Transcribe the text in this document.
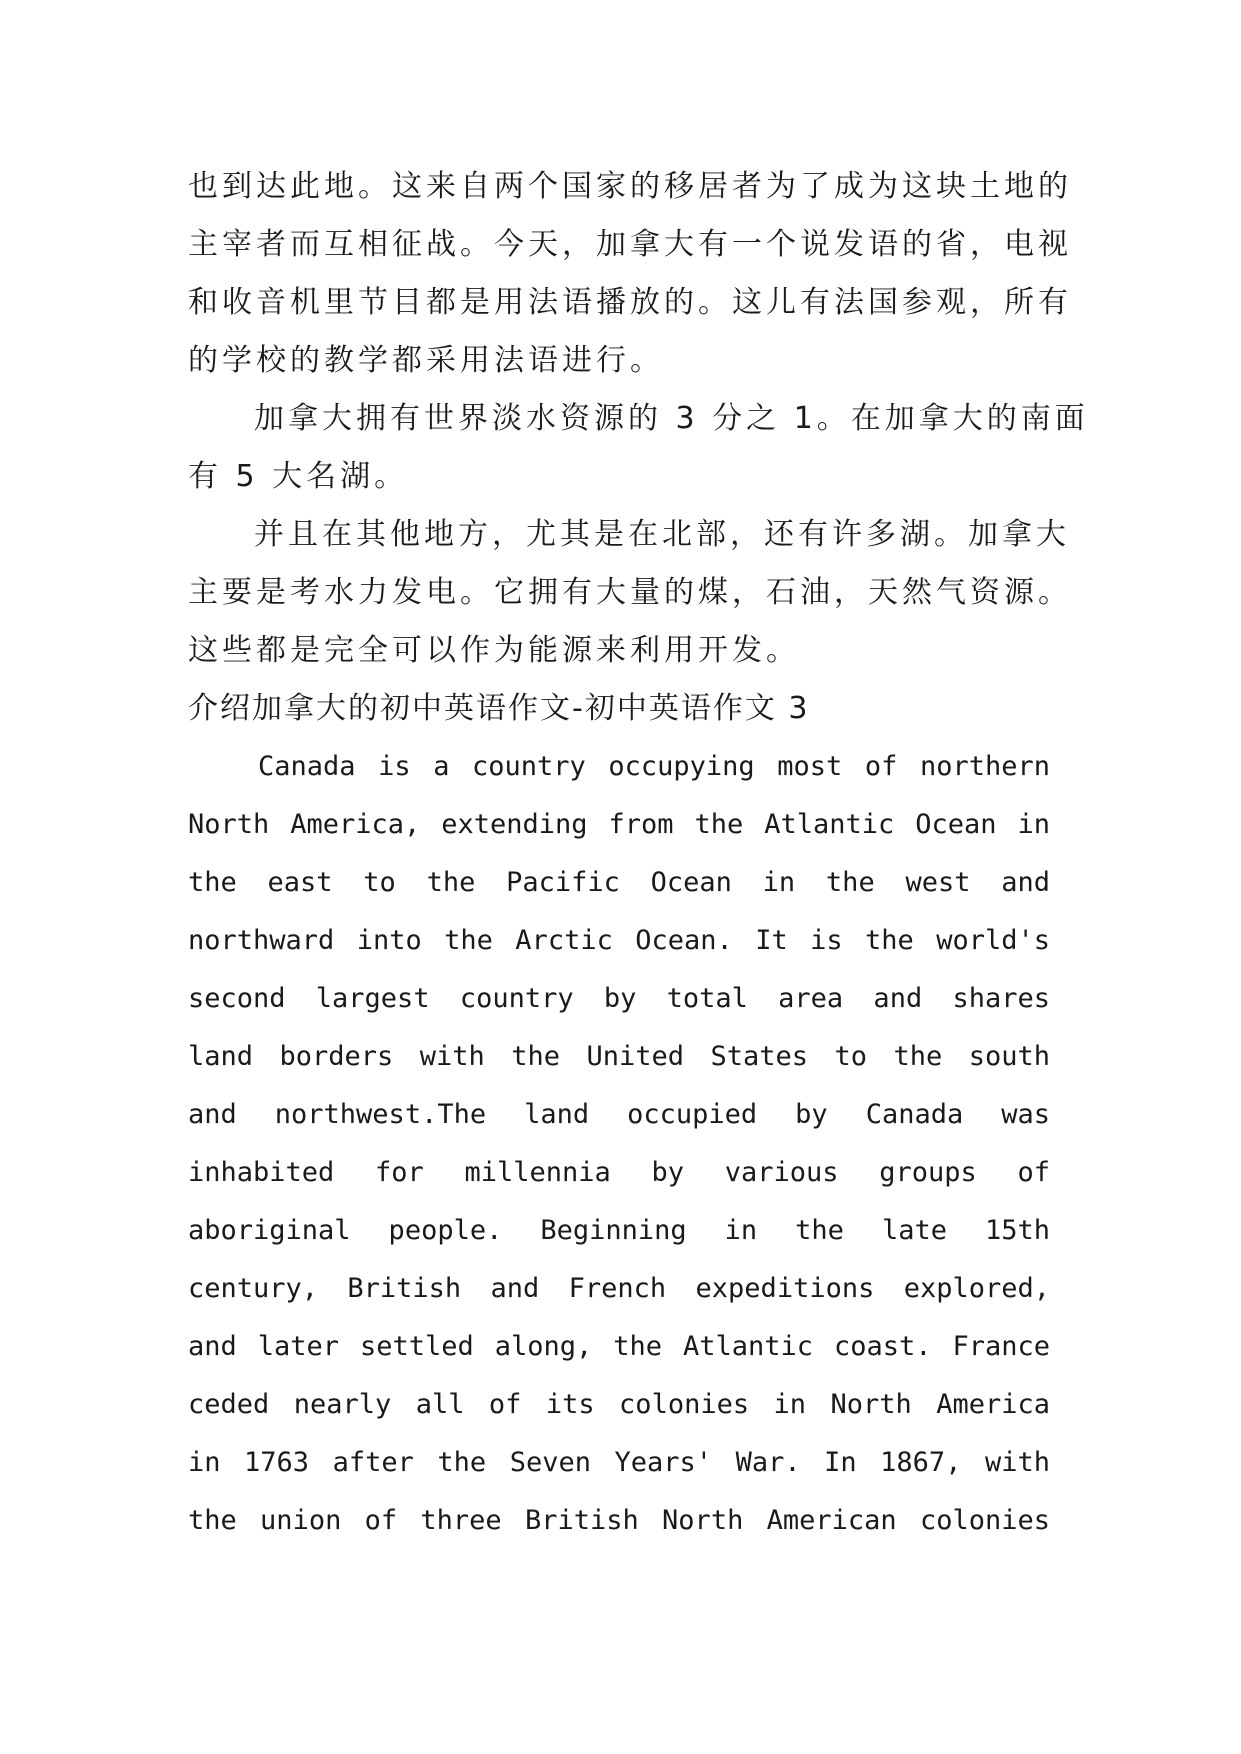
也到达此地。这来自两个国家的移居者为了成为这块土地的
主宰者而互相征战。今天，加拿大有一个说发语的省，电视
和收音机里节目都是用法语播放的。这儿有法国参观，所有
的学校的教学都采用法语进行。
加拿大拥有世界淡水资源的 3 分之 1。在加拿大的南面
有 5 大名湖。
并且在其他地方，尤其是在北部，还有许多湖。加拿大
主要是考水力发电。它拥有大量的煤，石油，天然气资源。
这些都是完全可以作为能源来利用开发。
介绍加拿大的初中英语作文-初中英语作文 3
Canada is a country occupying most of northern
North America, extending from the Atlantic Ocean in
the east to the Pacific Ocean in the west and
northward into the Arctic Ocean. It is the world's
second largest country by total area and shares
land borders with the United States to the south
and northwest.The land occupied by Canada was
inhabited for millennia by various groups of
aboriginal people. Beginning in the late 15th
century, British and French expeditions explored,
and later settled along, the Atlantic coast. France
ceded nearly all of its colonies in North America
in 1763 after the Seven Years' War. In 1867, with
the union of three British North American colonies
